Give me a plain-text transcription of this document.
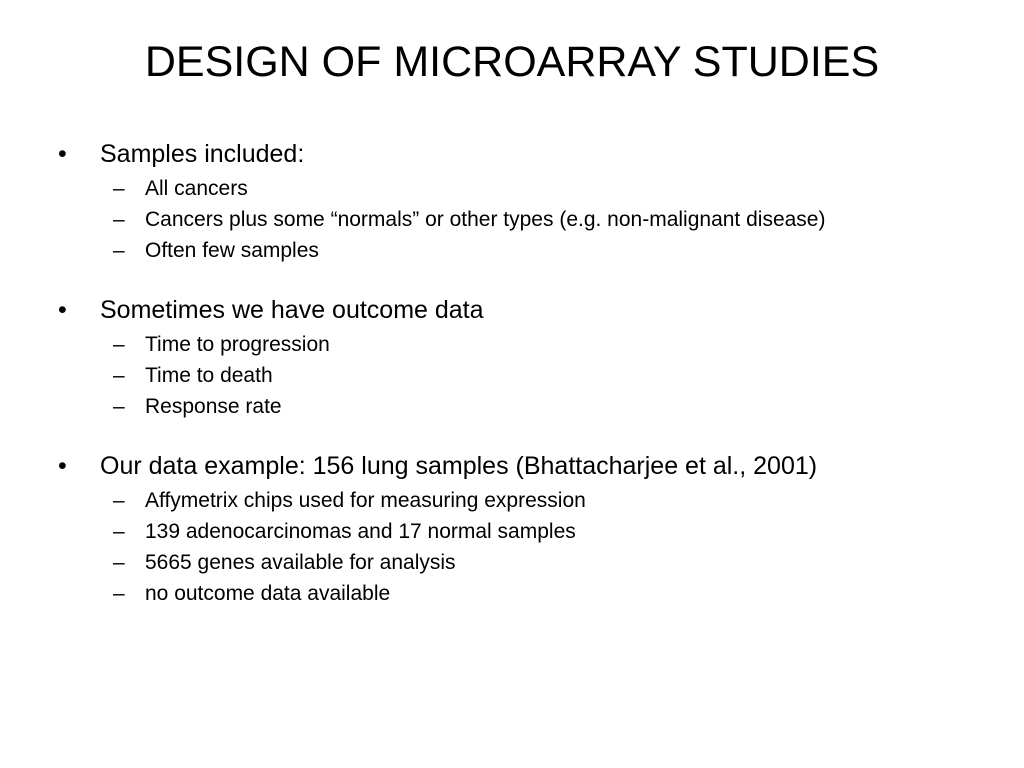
DESIGN OF MICROARRAY STUDIES
•	Samples included:
– All cancers
– Cancers plus some “normals” or other types (e.g. non-malignant disease)
– Often few samples
•	Sometimes we have outcome data
– Time to progression
– Time to death
– Response rate
•	Our data example: 156 lung samples (Bhattacharjee et al., 2001)
– Affymetrix chips used for measuring expression
– 139 adenocarcinomas and 17 normal samples
– 5665 genes available for analysis
– no outcome data available
